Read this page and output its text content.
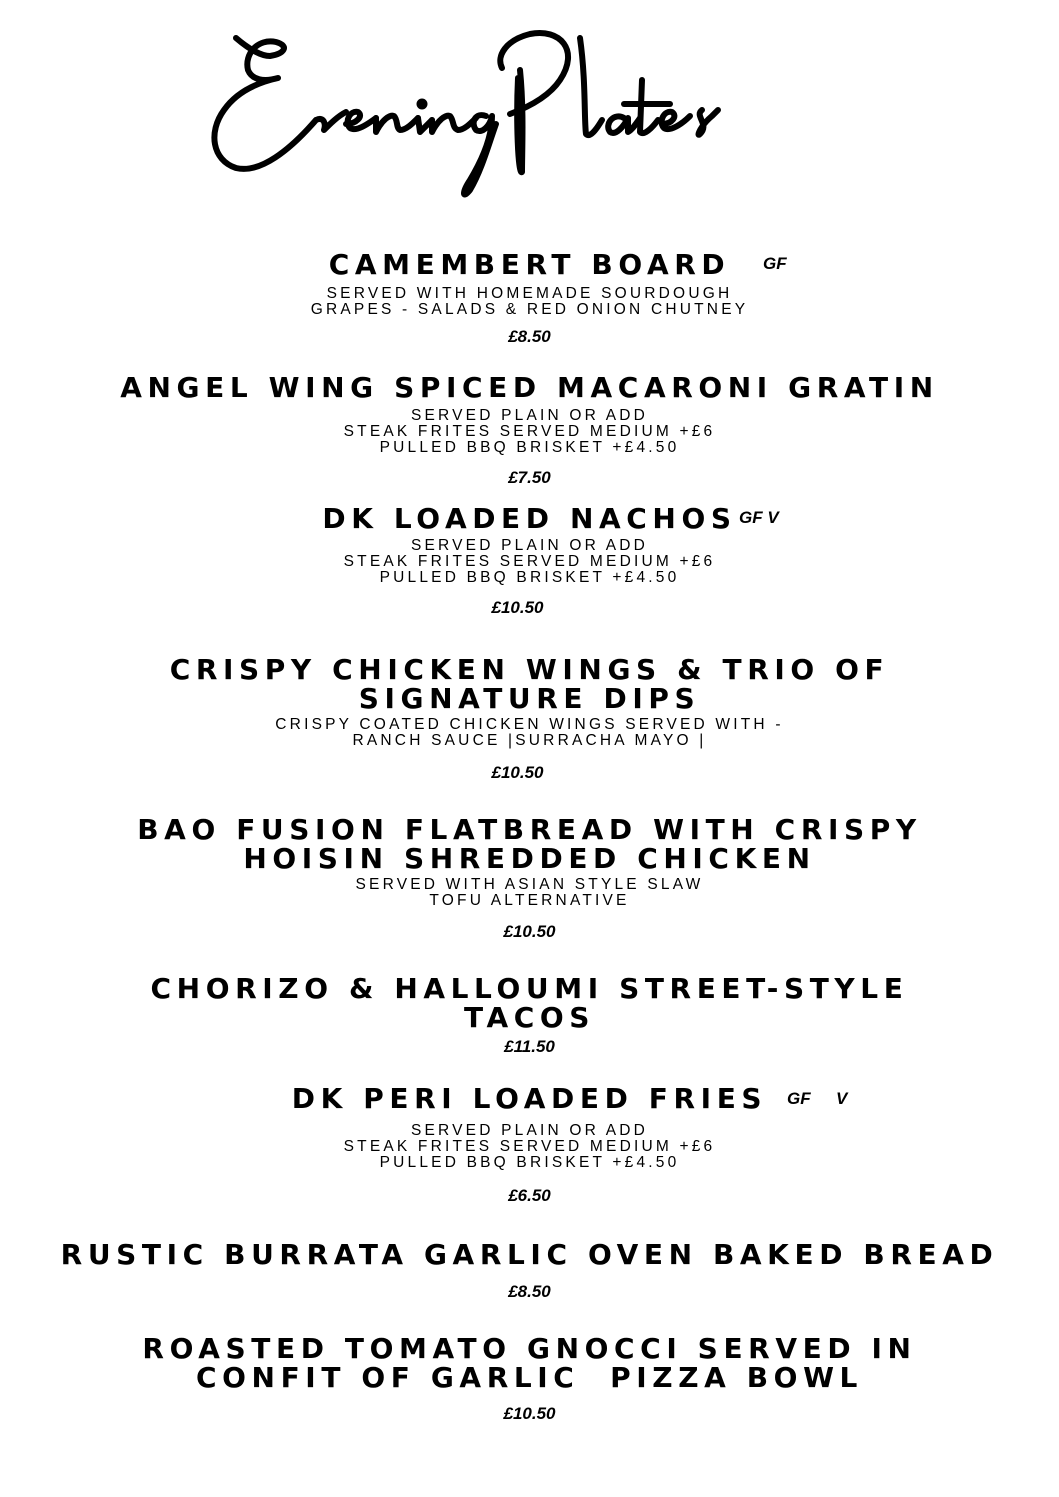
CAMEMBERT BOARD	GF
SERVED WITH HOMEMADE SOURDOUGH
GRAPES - SALADS & RED ONION CHUTNEY
£8.50
ANGEL WING SPICED MACARONI GRATIN
SERVED PLAIN OR ADD
STEAK FRITES SERVED MEDIUM +£6
PULLED BBQ BRISKET +£4.50
£7.50
DK LOADED NACHOS GF V
SERVED PLAIN OR ADD
STEAK FRITES SERVED MEDIUM +£6
PULLED BBQ BRISKET +£4.50
£10.50
CRISPY CHICKEN WINGS & TRIO OF
SIGNATURE DIPS
CRISPY COATED CHICKEN WINGS SERVED WITH -
RANCH SAUCE |SURRACHA MAYO |
£10.50
BAO FUSION FLATBREAD WITH CRISPY
HOISIN SHREDDED CHICKEN
SERVED WITH ASIAN STYLE SLAW
TOFU ALTERNATIVE
£10.50
CHORIZO & HALLOUMI STREET-STYLE
TACOS
£11.50
DK PERI LOADED FRIES	GF V
SERVED PLAIN OR ADD
STEAK FRITES SERVED MEDIUM +£6
PULLED BBQ BRISKET +£4.50
£6.50
RUSTIC BURRATA GARLIC OVEN BAKED BREAD
£8.50
ROASTED TOMATO GNOCCI SERVED IN
CONFIT OF GARLIC  PIZZA BOWL
£10.50
